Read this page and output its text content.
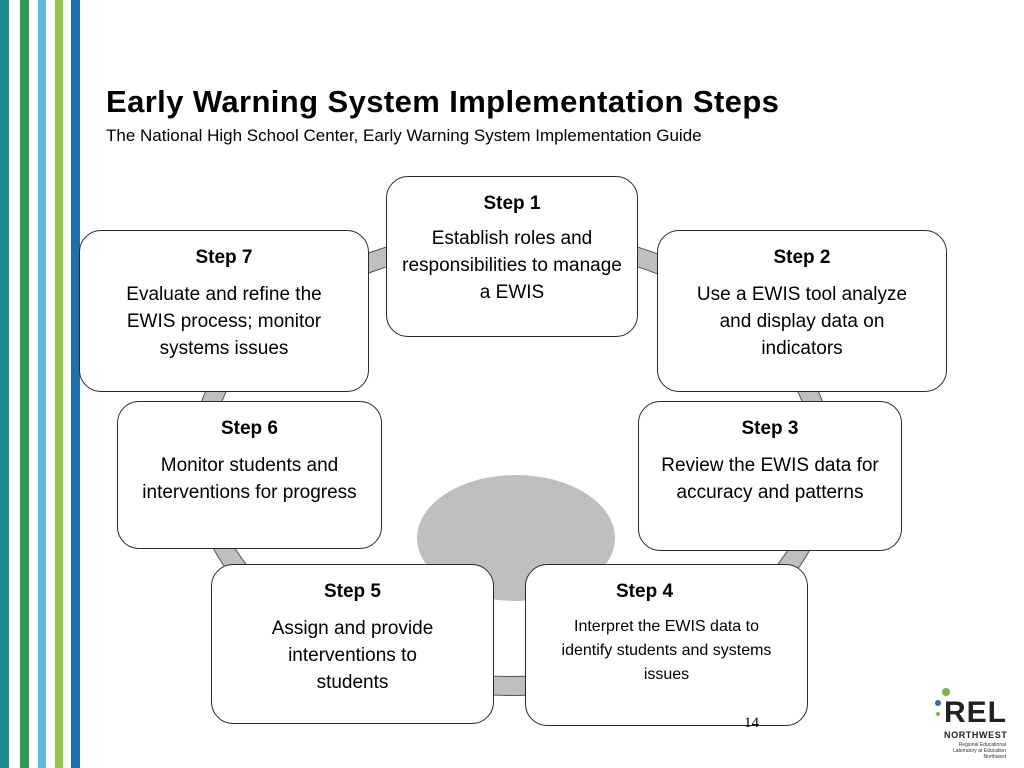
Early Warning System Implementation Steps
The National High School Center, Early Warning System Implementation Guide
Step 1
Establish roles and responsibilities to manage a EWIS
Step 2
Use a EWIS tool analyze and display data on indicators
Step 3
Review the EWIS data for accuracy and patterns
Step 7
Evaluate and refine the EWIS process; monitor systems issues
Step 6
Monitor students and interventions for progress
Step 5
Assign and provide interventions to students
Step 4
Interpret the EWIS data to identify students and systems issues
14	REL
NORTHWEST
Regional Educational Laboratory at Education Northwest
